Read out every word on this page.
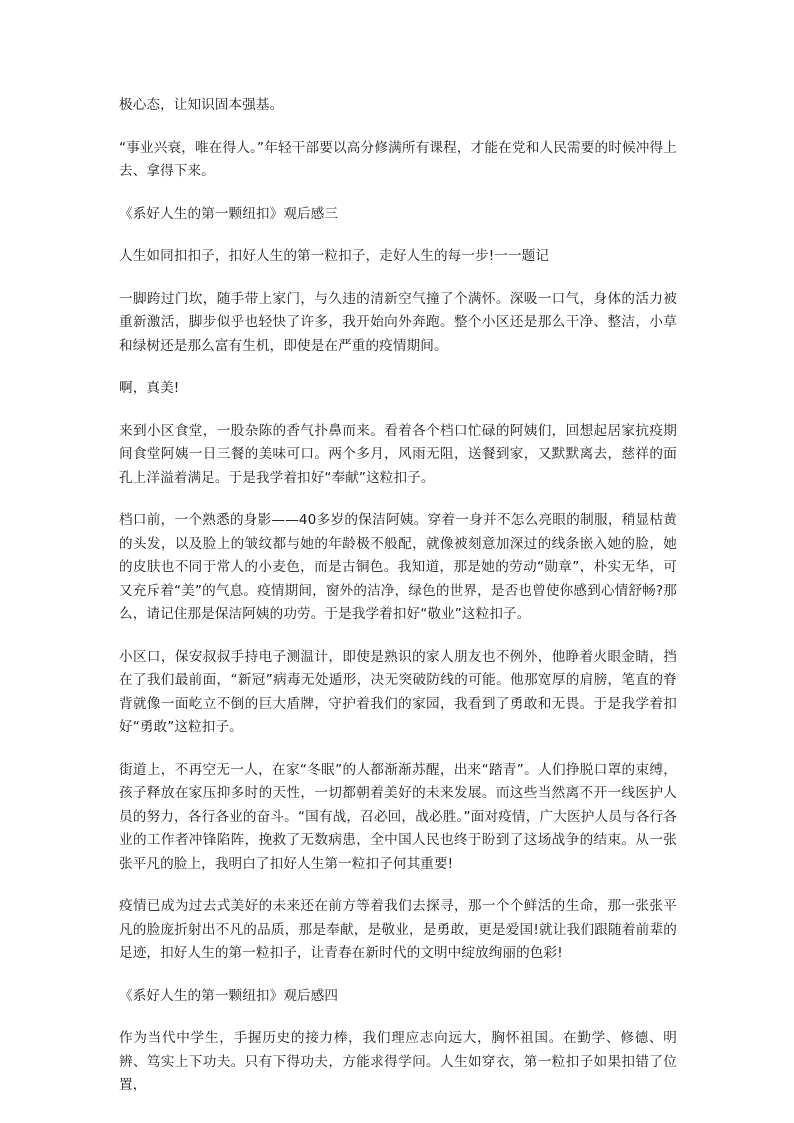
极心态，让知识固本强基。

“事业兴衰，唯在得人。”年轻干部要以高分修满所有课程，才能在党和人民需要的时候冲得上去、拿得下来。

《系好人生的第一颗纽扣》观后感三

人生如同扣扣子，扣好人生的第一粒扣子，走好人生的每一步!一一题记

一脚跨过门坎，随手带上家门，与久违的清新空气撞了个满怀。深吸一口气，身体的活力被重新激活，脚步似乎也轻快了许多，我开始向外奔跑。整个小区还是那么干净、整洁，小草和绿树还是那么富有生机，即使是在严重的疫情期间。

啊，真美!

来到小区食堂，一股杂陈的香气扑鼻而来。看着各个档口忙碌的阿姨们，回想起居家抗疫期间食堂阿姨一日三餐的美味可口。两个多月，风雨无阻，送餐到家，又默默离去，慈祥的面孔上洋溢着满足。于是我学着扣好“奉献”这粒扣子。

档口前，一个熟悉的身影——40多岁的保洁阿姨。穿着一身并不怎么亮眼的制服，稍显枯黄的头发，以及脸上的皱纹都与她的年龄极不般配，就像被刻意加深过的线条嵌入她的脸，她的皮肤也不同于常人的小麦色，而是古铜色。我知道，那是她的劳动“勋章”，朴实无华，可又充斥着“美”的气息。疫情期间，窗外的洁净，绿色的世界，是否也曾使你感到心情舒畅?那么，请记住那是保洁阿姨的功劳。于是我学着扣好“敬业”这粒扣子。

小区口，保安叔叔手持电子测温计，即使是熟识的家人朋友也不例外，他睁着火眼金睛，挡在了我们最前面，“新冠”病毒无处遁形，决无突破防线的可能。他那宽厚的肩膀，笔直的脊背就像一面屹立不倒的巨大盾牌，守护着我们的家园，我看到了勇敢和无畏。于是我学着扣好“勇敢”这粒扣子。

街道上，不再空无一人，在家“冬眠”的人都渐渐苏醒，出来“踏青”。人们挣脱口罩的束缚，孩子释放在家压抑多时的天性，一切都朝着美好的未来发展。而这些当然离不开一线医护人员的努力，各行各业的奋斗。“国有战，召必回，战必胜。”面对疫情，广大医护人员与各行各业的工作者冲锋陷阵，挽救了无数病患，全中国人民也终于盼到了这场战争的结束。从一张张平凡的脸上，我明白了扣好人生第一粒扣子何其重要!

疫情已成为过去式美好的未来还在前方等着我们去探寻，那一个个鲜活的生命，那一张张平凡的脸庞折射出不凡的品质，那是奉献，是敬业，是勇敢，更是爱国!就让我们跟随着前辈的足迹，扣好人生的第一粒扣子，让青春在新时代的文明中绽放绚丽的色彩!

《系好人生的第一颗纽扣》观后感四

作为当代中学生，手握历史的接力棒，我们理应志向远大，胸怀祖国。在勤学、修德、明辨、笃实上下功夫。只有下得功夫，方能求得学问。人生如穿衣，第一粒扣子如果扣错了位置，
